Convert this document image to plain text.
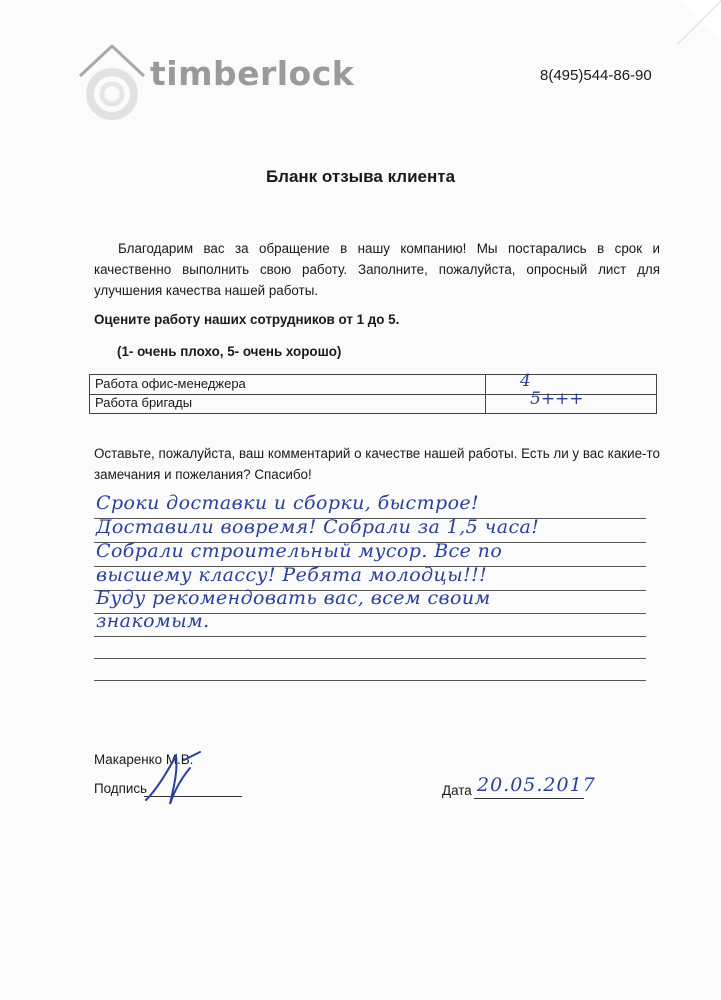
timberlock	8(495)544-86-90
Бланк отзыва клиента
Благодарим вас за обращение в нашу компанию! Мы постарались в срок и качественно выполнить свою работу. Заполните, пожалуйста, опросный лист для улучшения качества нашей работы.
Оцените работу наших сотрудников от 1 до 5.
(1- очень плохо, 5- очень хорошо)
Работа офис-менеджера	4
Работа бригады	5+++
Оставьте, пожалуйста, ваш комментарий о качестве нашей работы. Есть ли у вас какие-то замечания и пожелания? Спасибо!
Сроки доставки и сборки, быстрое!
Доставили вовремя! Собрали за 1,5 часа!
Собрали строительный мусор. Все по
высшему классу! Ребята молодцы!!!
Буду рекомендовать вас, всем своим
знакомым.
Макаренко М.В.
Подпись	Дата 20.05.2017
